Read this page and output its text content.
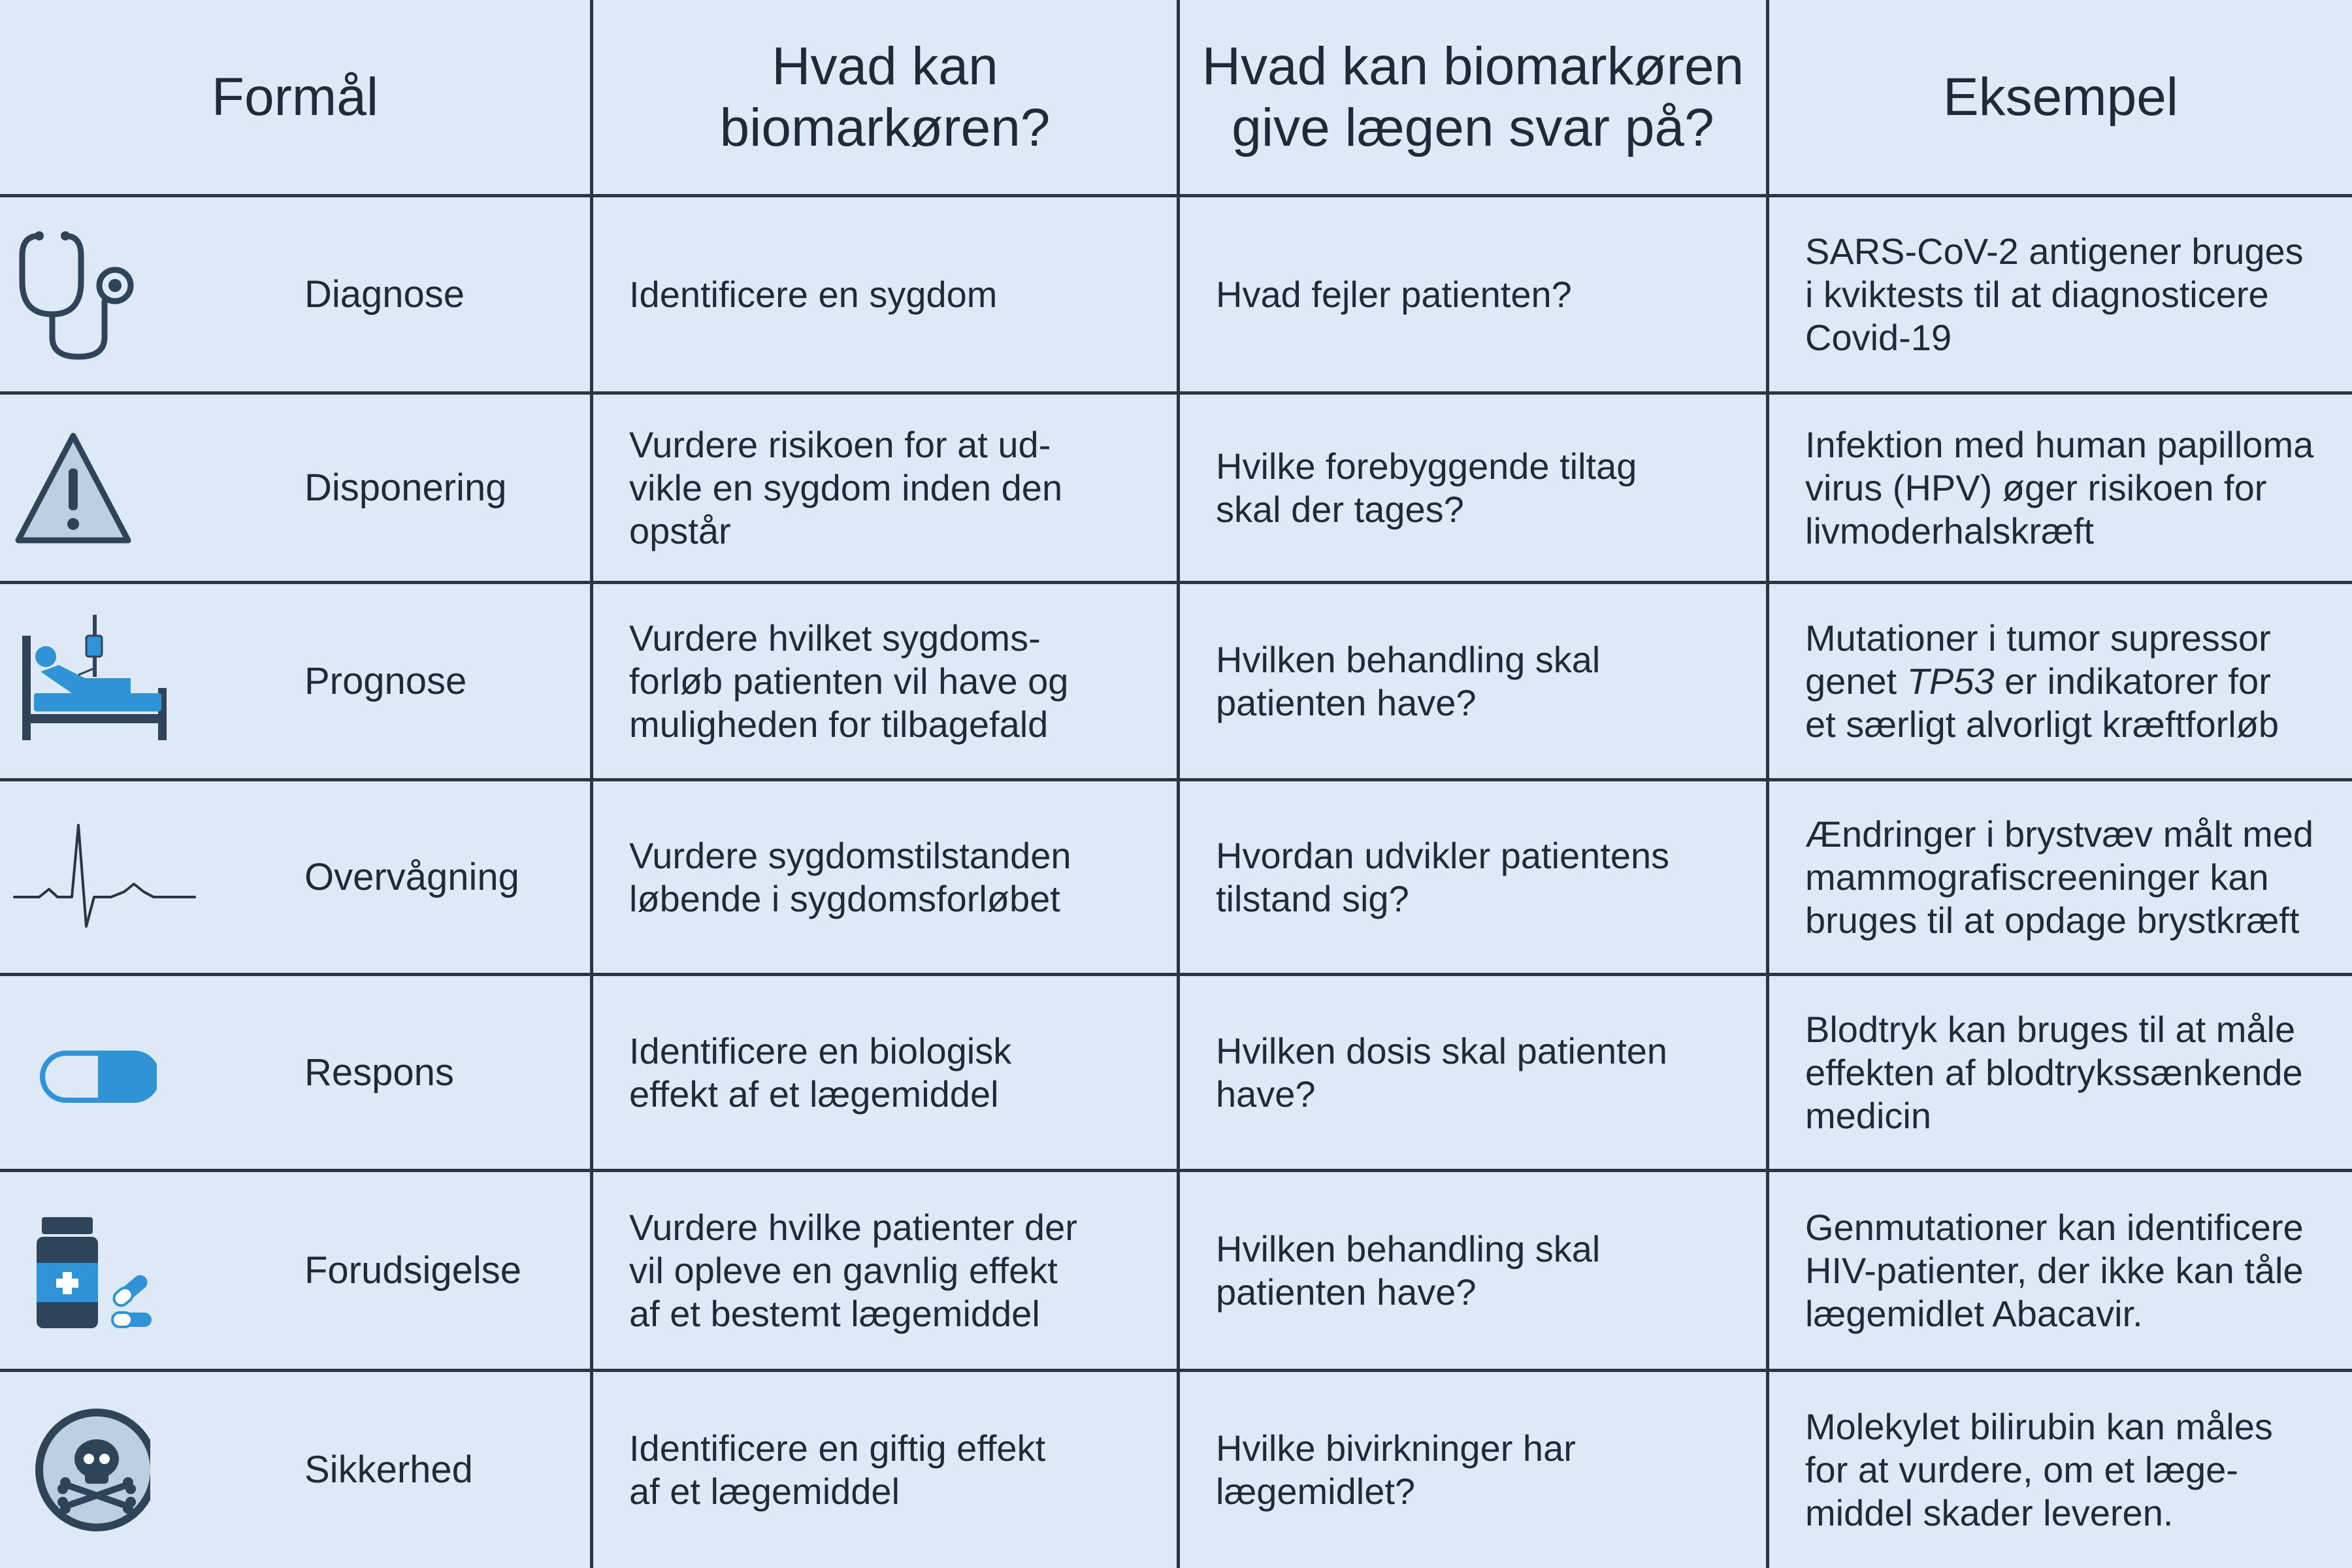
Formål
Hvad kan
biomarkøren?
Hvad kan biomarkøren
give lægen svar på?
Eksempel
Diagnose	Identificere en sygdom	Hvad fejler patienten?
SARS-CoV-2 antigener bruges
i kviktests til at diagnosticere
Covid-19
Disponering
Vurdere risikoen for at ud-
vikle en sygdom inden den
opstår
Hvilke forebyggende tiltag
skal der tages?
Infektion med human papilloma
virus (HPV) øger risikoen for
livmoderhalskræft
Prognose
Vurdere hvilket sygdoms-
forløb patienten vil have og
muligheden for tilbagefald
Hvilken behandling skal
patienten have?
Mutationer i tumor supressor
genet TP53 er indikatorer for
et særligt alvorligt kræftforløb
Overvågning
Vurdere sygdomstilstanden
løbende i sygdomsforløbet
Hvordan udvikler patientens
tilstand sig?
Ændringer i brystvæv målt med
mammografiscreeninger kan
bruges til at opdage brystkræft
Respons
Identificere en biologisk
effekt af et lægemiddel
Hvilken dosis skal patienten
have?
Blodtryk kan bruges til at måle
effekten af blodtrykssænkende
medicin
Forudsigelse
Vurdere hvilke patienter der
vil opleve en gavnlig effekt
af et bestemt lægemiddel
Hvilken behandling skal
patienten have?
Genmutationer kan identificere
HIV-patienter, der ikke kan tåle
lægemidlet Abacavir.
Sikkerhed
Identificere en giftig effekt
af et lægemiddel
Hvilke bivirkninger har
lægemidlet?
Molekylet bilirubin kan måles
for at vurdere, om et læge-
middel skader leveren.
